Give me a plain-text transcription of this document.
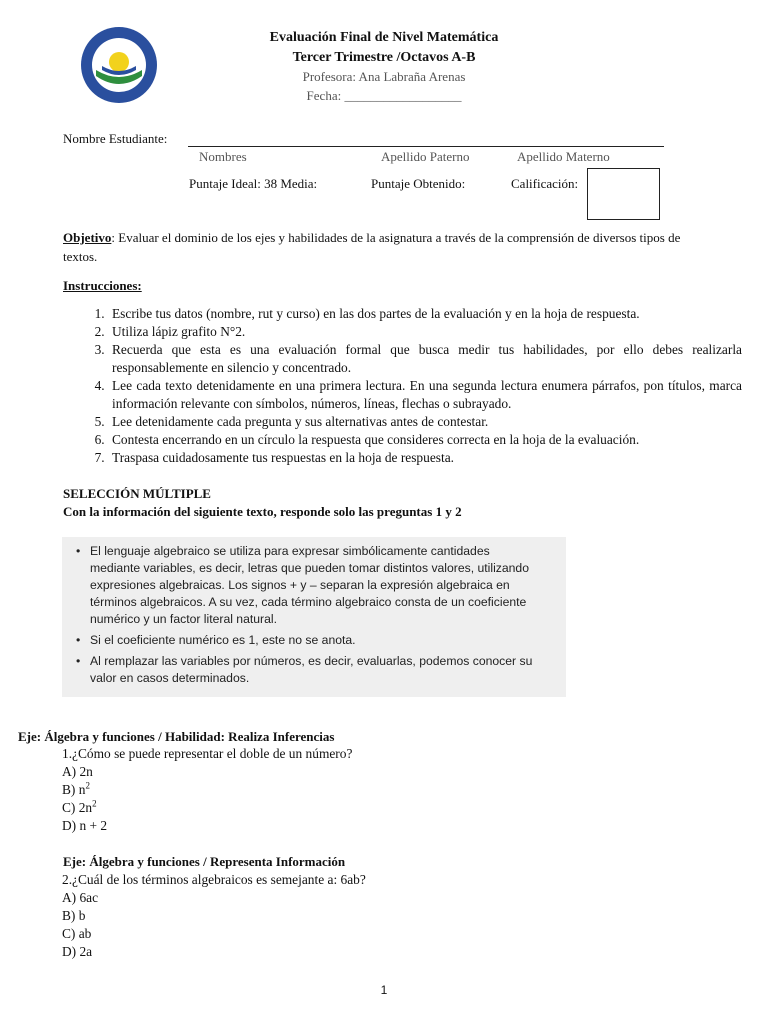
Evaluación Final de Nivel Matemática
Tercer Trimestre /Octavos A-B
Profesora: Ana Labraña Arenas
Fecha: __________________
Nombre Estudiante:
Nombres	Apellido Paterno	Apellido Materno
Puntaje Ideal: 38 Media:	Puntaje Obtenido:	Calificación:
Objetivo: Evaluar el dominio de los ejes y habilidades de la asignatura a través de la comprensión de diversos tipos de textos.
Instrucciones:
1. Escribe tus datos (nombre, rut y curso) en las dos partes de la evaluación y en la hoja de respuesta.
2. Utiliza lápiz grafito N°2.
3. Recuerda que esta es una evaluación formal que busca medir tus habilidades, por ello debes realizarla responsablemente en silencio y concentrado.
4. Lee cada texto detenidamente en una primera lectura. En una segunda lectura enumera párrafos, pon títulos, marca información relevante con símbolos, números, líneas, flechas o subrayado.
5. Lee detenidamente cada pregunta y sus alternativas antes de contestar.
6. Contesta encerrando en un círculo la respuesta que consideres correcta en la hoja de la evaluación.
7. Traspasa cuidadosamente tus respuestas en la hoja de respuesta.
SELECCIÓN MÚLTIPLE
Con la información del siguiente texto, responde solo las preguntas 1 y 2
• El lenguaje algebraico se utiliza para expresar simbólicamente cantidades mediante variables, es decir, letras que pueden tomar distintos valores, utilizando expresiones algebraicas. Los signos + y – separan la expresión algebraica en términos algebraicos. A su vez, cada término algebraico consta de un coeficiente numérico y un factor literal natural.
• Si el coeficiente numérico es 1, este no se anota.
• Al remplazar las variables por números, es decir, evaluarlas, podemos conocer su valor en casos determinados.
Eje: Álgebra y funciones / Habilidad: Realiza Inferencias
1.¿Cómo se puede representar el doble de un número?
A) 2n
B) $n^2$
C) $2n^2$
D) n + 2
Eje: Álgebra y funciones / Representa Información
2.¿Cuál de los términos algebraicos es semejante a: 6ab?
A) 6ac
B) b
C) ab
D) 2a
1
